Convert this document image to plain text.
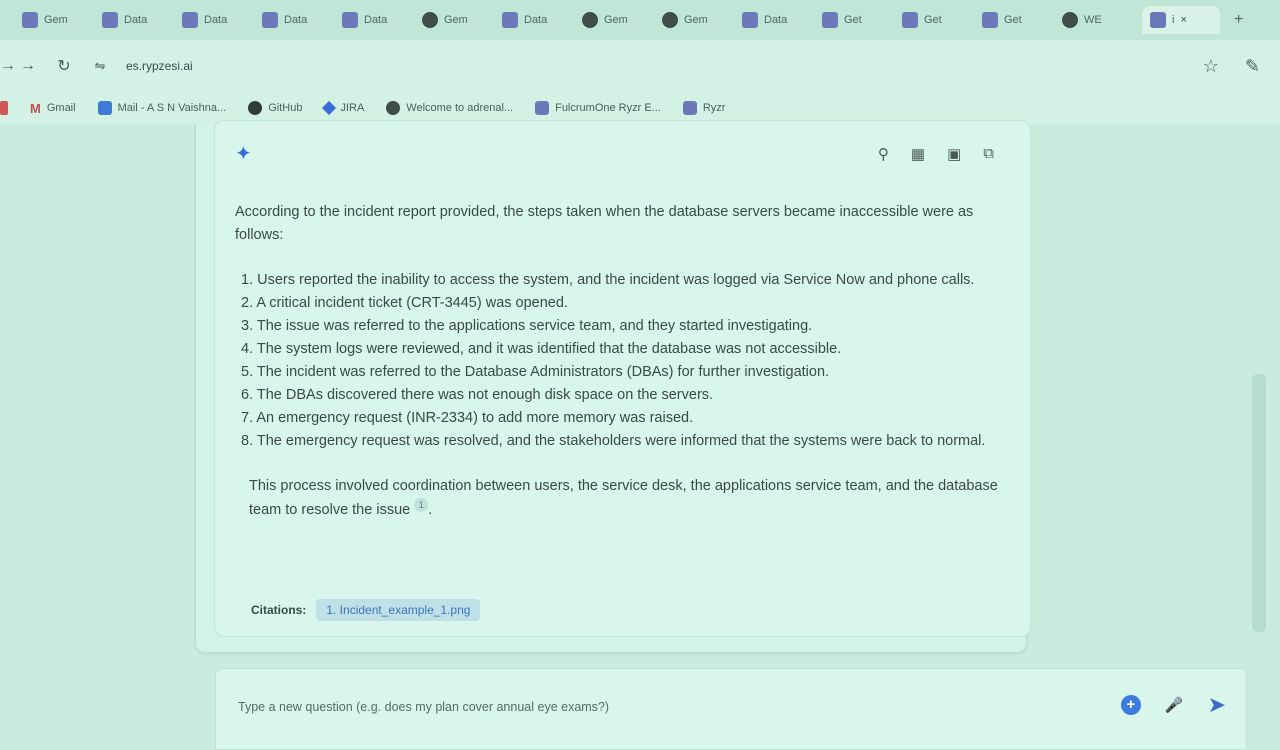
Gem	Data	Data	Data	Data	Gem	Data	Gem	Gem	Data	Get	Get	Get	WE	i ×	+
→ →	↻	⇋	es.rypzesi.ai	☆ ✎
M Gmail	Mail - A S N Vaishna...	GitHub	JIRA	Welcome to adrenal...	FulcrumOne Ryzr E...	Ryzr
✦	⚲ ▦ ▣ ⧉

According to the incident report provided, the steps taken when the database servers became inaccessible were as follows:

1. Users reported the inability to access the system, and the incident was logged via Service Now and phone calls.
2. A critical incident ticket (CRT-3445) was opened.
3. The issue was referred to the applications service team, and they started investigating.
4. The system logs were reviewed, and it was identified that the database was not accessible.
5. The incident was referred to the Database Administrators (DBAs) for further investigation.
6. The DBAs discovered there was not enough disk space on the servers.
7. An emergency request (INR-2334) to add more memory was raised.
8. The emergency request was resolved, and the stakeholders were informed that the systems were back to normal.

This process involved coordination between users, the service desk, the applications service team, and the database team to resolve the issue 1 .

Citations:	1. Incident_example_1.png
Type a new question (e.g. does my plan cover annual eye exams?)
+	🎤 ➤
